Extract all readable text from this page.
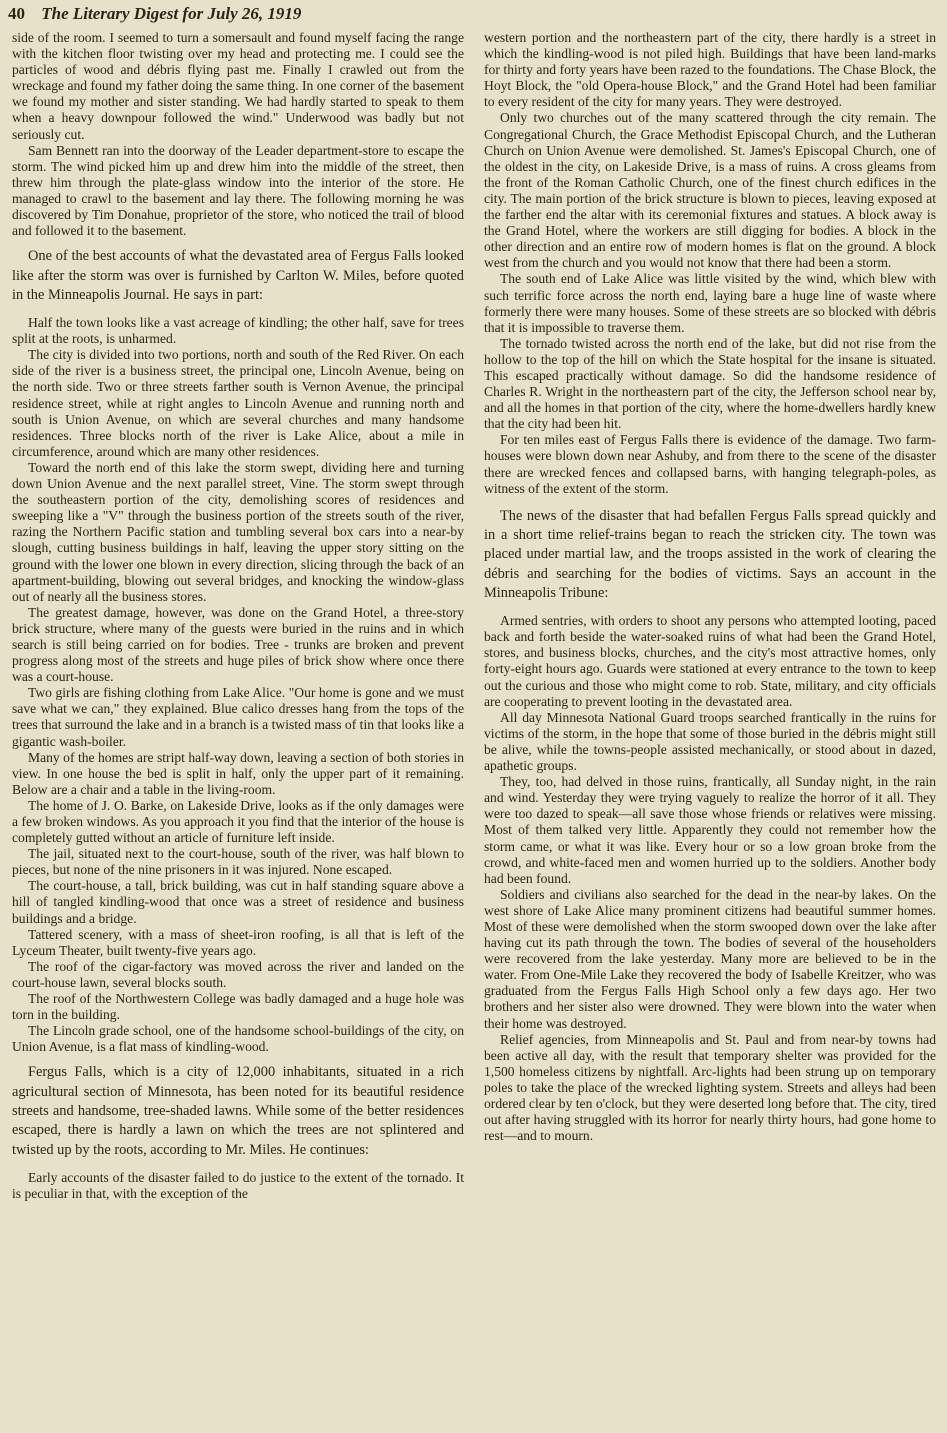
40 The Literary Digest for July 26, 1919

side of the room. I seemed to turn a somersault and found myself facing the range with the kitchen floor twisting over my head and protecting me. I could see the particles of wood and débris flying past me. Finally I crawled out from the wreckage and found my father doing the same thing. In one corner of the basement we found my mother and sister standing. We had hardly started to speak to them when a heavy downpour followed the wind." Underwood was badly but not seriously cut.

Sam Bennett ran into the doorway of the Leader department-store to escape the storm. The wind picked him up and drew him into the middle of the street, then threw him through the plate-glass window into the interior of the store. He managed to crawl to the basement and lay there. The following morning he was discovered by Tim Donahue, proprietor of the store, who noticed the trail of blood and followed it to the basement.

One of the best accounts of what the devastated area of Fergus Falls looked like after the storm was over is furnished by Carlton W. Miles, before quoted in the Minneapolis Journal. He says in part:

Half the town looks like a vast acreage of kindling; the other half, save for trees split at the roots, is unharmed.

The city is divided into two portions, north and south of the Red River. On each side of the river is a business street, the principal one, Lincoln Avenue, being on the north side. Two or three streets farther south is Vernon Avenue, the principal residence street, while at right angles to Lincoln Avenue and running north and south is Union Avenue, on which are several churches and many handsome residences. Three blocks north of the river is Lake Alice, about a mile in circumference, around which are many other residences.

Toward the north end of this lake the storm swept, dividing here and turning down Union Avenue and the next parallel street, Vine. The storm swept through the southeastern portion of the city, demolishing scores of residences and sweeping like a "V" through the business portion of the streets south of the river, razing the Northern Pacific station and tumbling several box cars into a near-by slough, cutting business buildings in half, leaving the upper story sitting on the ground with the lower one blown in every direction, slicing through the back of an apartment-building, blowing out several bridges, and knocking the window-glass out of nearly all the business stores.

The greatest damage, however, was done on the Grand Hotel, a three-story brick structure, where many of the guests were buried in the ruins and in which search is still being carried on for bodies. Tree - trunks are broken and prevent progress along most of the streets and huge piles of brick show where once there was a court-house.

Two girls are fishing clothing from Lake Alice. "Our home is gone and we must save what we can," they explained. Blue calico dresses hang from the tops of the trees that surround the lake and in a branch is a twisted mass of tin that looks like a gigantic wash-boiler.

Many of the homes are stript half-way down, leaving a section of both stories in view. In one house the bed is split in half, only the upper part of it remaining. Below are a chair and a table in the living-room.

The home of J. O. Barke, on Lakeside Drive, looks as if the only damages were a few broken windows. As you approach it you find that the interior of the house is completely gutted without an article of furniture left inside.

The jail, situated next to the court-house, south of the river, was half blown to pieces, but none of the nine prisoners in it was injured. None escaped.

The court-house, a tall, brick building, was cut in half standing square above a hill of tangled kindling-wood that once was a street of residence and business buildings and a bridge.

Tattered scenery, with a mass of sheet-iron roofing, is all that is left of the Lyceum Theater, built twenty-five years ago.

The roof of the cigar-factory was moved across the river and landed on the court-house lawn, several blocks south.

The roof of the Northwestern College was badly damaged and a huge hole was torn in the building.

The Lincoln grade school, one of the handsome school-buildings of the city, on Union Avenue, is a flat mass of kindling-wood.

Fergus Falls, which is a city of 12,000 inhabitants, situated in a rich agricultural section of Minnesota, has been noted for its beautiful residence streets and handsome, tree-shaded lawns. While some of the better residences escaped, there is hardly a lawn on which the trees are not splintered and twisted up by the roots, according to Mr. Miles. He continues:

Early accounts of the disaster failed to do justice to the extent of the tornado. It is peculiar in that, with the exception of the

western portion and the northeastern part of the city, there hardly is a street in which the kindling-wood is not piled high. Buildings that have been land-marks for thirty and forty years have been razed to the foundations. The Chase Block, the Hoyt Block, the "old Opera-house Block," and the Grand Hotel had been familiar to every resident of the city for many years. They were destroyed.

Only two churches out of the many scattered through the city remain. The Congregational Church, the Grace Methodist Episcopal Church, and the Lutheran Church on Union Avenue were demolished. St. James's Episcopal Church, one of the oldest in the city, on Lakeside Drive, is a mass of ruins. A cross gleams from the front of the Roman Catholic Church, one of the finest church edifices in the city. The main portion of the brick structure is blown to pieces, leaving exposed at the farther end the altar with its ceremonial fixtures and statues. A block away is the Grand Hotel, where the workers are still digging for bodies. A block in the other direction and an entire row of modern homes is flat on the ground. A block west from the church and you would not know that there had been a storm.

The south end of Lake Alice was little visited by the wind, which blew with such terrific force across the north end, laying bare a huge line of waste where formerly there were many houses. Some of these streets are so blocked with débris that it is impossible to traverse them.

The tornado twisted across the north end of the lake, but did not rise from the hollow to the top of the hill on which the State hospital for the insane is situated. This escaped practically without damage. So did the handsome residence of Charles R. Wright in the northeastern part of the city, the Jefferson school near by, and all the homes in that portion of the city, where the home-dwellers hardly knew that the city had been hit.

For ten miles east of Fergus Falls there is evidence of the damage. Two farm-houses were blown down near Ashuby, and from there to the scene of the disaster there are wrecked fences and collapsed barns, with hanging telegraph-poles, as witness of the extent of the storm.

The news of the disaster that had befallen Fergus Falls spread quickly and in a short time relief-trains began to reach the stricken city. The town was placed under martial law, and the troops assisted in the work of clearing the débris and searching for the bodies of victims. Says an account in the Minneapolis Tribune:

Armed sentries, with orders to shoot any persons who attempted looting, paced back and forth beside the water-soaked ruins of what had been the Grand Hotel, stores, and business blocks, churches, and the city's most attractive homes, only forty-eight hours ago. Guards were stationed at every entrance to the town to keep out the curious and those who might come to rob. State, military, and city officials are cooperating to prevent looting in the devastated area.

All day Minnesota National Guard troops searched frantically in the ruins for victims of the storm, in the hope that some of those buried in the débris might still be alive, while the towns-people assisted mechanically, or stood about in dazed, apathetic groups.

They, too, had delved in those ruins, frantically, all Sunday night, in the rain and wind. Yesterday they were trying vaguely to realize the horror of it all. They were too dazed to speak—all save those whose friends or relatives were missing. Most of them talked very little. Apparently they could not remember how the storm came, or what it was like. Every hour or so a low groan broke from the crowd, and white-faced men and women hurried up to the soldiers. Another body had been found.

Soldiers and civilians also searched for the dead in the near-by lakes. On the west shore of Lake Alice many prominent citizens had beautiful summer homes. Most of these were demolished when the storm swooped down over the lake after having cut its path through the town. The bodies of several of the householders were recovered from the lake yesterday. Many more are believed to be in the water. From One-Mile Lake they recovered the body of Isabelle Kreitzer, who was graduated from the Fergus Falls High School only a few days ago. Her two brothers and her sister also were drowned. They were blown into the water when their home was destroyed.

Relief agencies, from Minneapolis and St. Paul and from near-by towns had been active all day, with the result that temporary shelter was provided for the 1,500 homeless citizens by nightfall. Arc-lights had been strung up on temporary poles to take the place of the wrecked lighting system. Streets and alleys had been ordered clear by ten o'clock, but they were deserted long before that. The city, tired out after having struggled with its horror for nearly thirty hours, had gone home to rest—and to mourn.
